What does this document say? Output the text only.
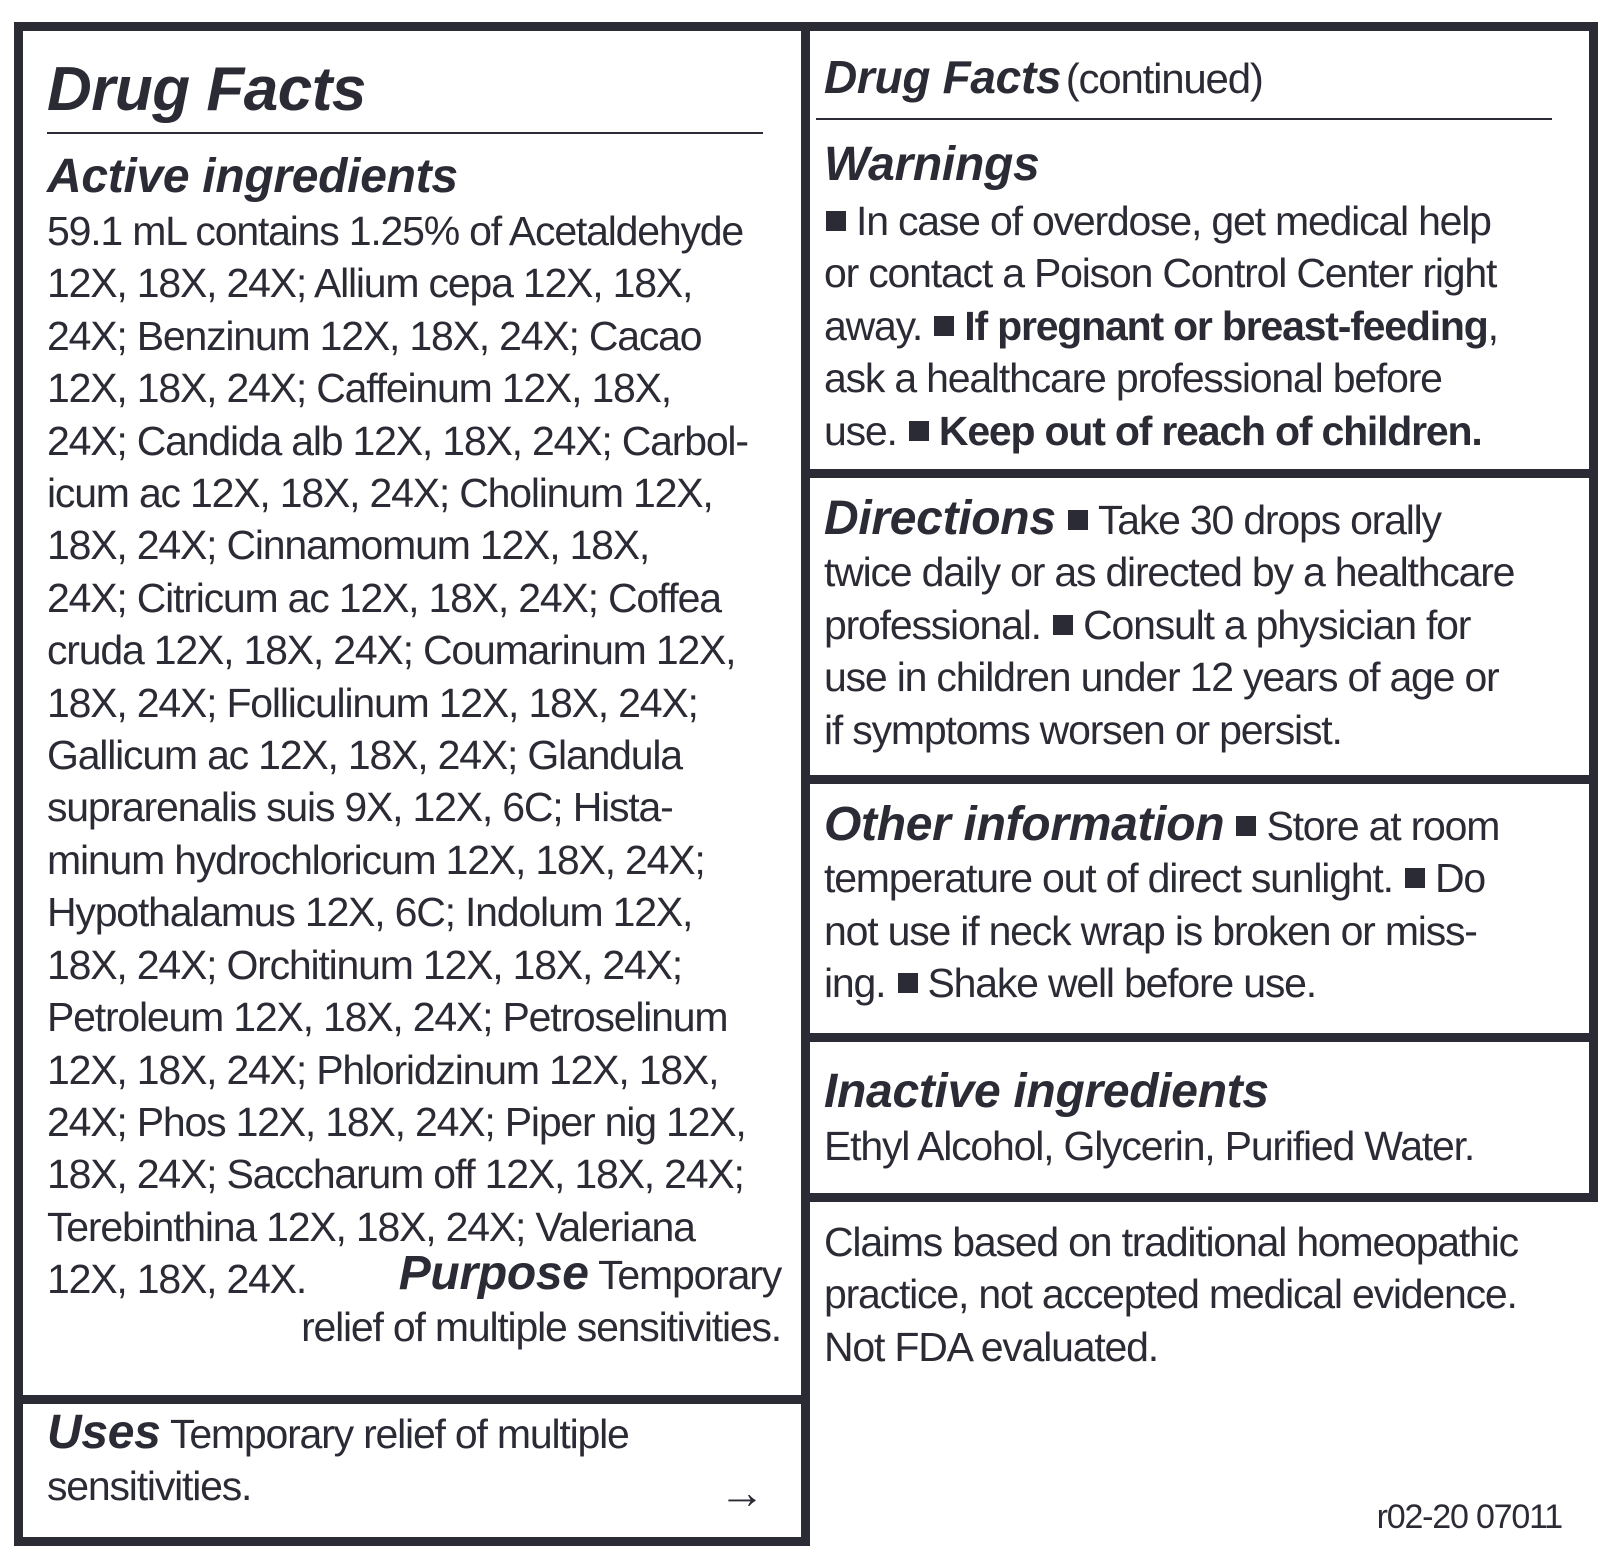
Drug Facts
Active ingredients
59.1 mL contains 1.25% of Acetaldehyde
12X, 18X, 24X; Allium cepa 12X, 18X,
24X; Benzinum 12X, 18X, 24X; Cacao
12X, 18X, 24X; Caffeinum 12X, 18X,
24X; Candida alb 12X, 18X, 24X; Carbol-
icum ac 12X, 18X, 24X; Cholinum 12X,
18X, 24X; Cinnamomum 12X, 18X,
24X; Citricum ac 12X, 18X, 24X; Coffea
cruda 12X, 18X, 24X; Coumarinum 12X,
18X, 24X; Folliculinum 12X, 18X, 24X;
Gallicum ac 12X, 18X, 24X; Glandula
suprarenalis suis 9X, 12X, 6C; Hista-
minum hydrochloricum 12X, 18X, 24X;
Hypothalamus 12X, 6C; Indolum 12X,
18X, 24X; Orchitinum 12X, 18X, 24X;
Petroleum 12X, 18X, 24X; Petroselinum
12X, 18X, 24X; Phloridzinum 12X, 18X,
24X; Phos 12X, 18X, 24X; Piper nig 12X,
18X, 24X; Saccharum off 12X, 18X, 24X;
Terebinthina 12X, 18X, 24X; Valeriana
12X, 18X, 24X.	Purpose Temporary
relief of multiple sensitivities.
Uses Temporary relief of multiple
sensitivities.	→
Drug Facts (continued)
Warnings
In case of overdose, get medical help
or contact a Poison Control Center right
away. If pregnant or breast-feeding,
ask a healthcare professional before
use. Keep out of reach of children.
Directions Take 30 drops orally
twice daily or as directed by a healthcare
professional. Consult a physician for
use in children under 12 years of age or
if symptoms worsen or persist.
Other information Store at room
temperature out of direct sunlight. Do
not use if neck wrap is broken or miss-
ing. Shake well before use.
Inactive ingredients
Ethyl Alcohol, Glycerin, Purified Water.
Claims based on traditional homeopathic
practice, not accepted medical evidence.
Not FDA evaluated.
r02-20 07011
